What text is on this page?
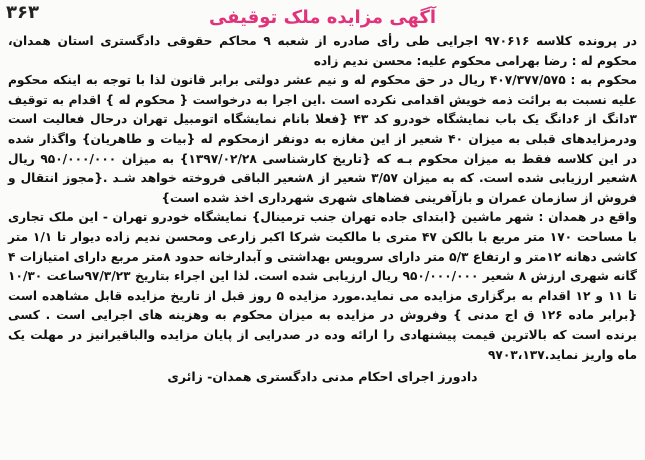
۳۶۳	آگهی مزایده ملک توقیفی

در پرونده کلاسه ۹۷۰۶۱۶ اجرایی طی رأی صادره از شعبه ۹ محاکم حقوقی دادگستری استان همدان، محکوم له : رضا بهرامی محکوم علیه: محسن ندیم زاده

محکوم به : ۴۰۷/۳۷۷/۵۷۵ ریال در حق محکوم له و نیم عشر دولتی برابر قانون لذا با توجه به اینکه محکوم علیه نسبت به برائت ذمه خویش اقدامی نکرده است .این اجرا به درخواست { محکوم له } اقدام به توقیف ۳دانگ از ۶دانگ یک باب نمایشگاه خودرو کد ۴۳ {فعلا بانام نمایشگاه اتومبیل تهران درحال فعالیت است ودرمزایدهای قبلی به میزان ۴۰ شعیر از این مغازه به دونفر ازمحکوم له {بیات و طاهریان} واگذار شده در این کلاسه فقط به میزان محکوم بـه که {تاریخ کارشناسی ۱۳۹۷/۰۲/۲۸} به میزان ۹۵۰/۰۰۰/۰۰۰ ریال ۸شعیر ارزیابی شده است. که به میزان ۳/۵۷ شعیر از ۸شعیر الباقی فروخته خواهد شـد .{مجوز انتقال و فروش از سازمان عمران و بازآفرینی فضاهای شهری شهرداری اخذ شده است}

واقع در همدان : شهر ماشین {ابتدای جاده تهران جنب ترمینال} نمایشگاه خودرو تهران - این ملک تجاری با مساحت ۱۷۰ متر مربع با بالکن ۴۷ متری با مالکیت شرکا اکبر زارعی ومحسن ندیم زاده دیوار تا ۱/۱ متر کاشی دهانه ۱۲متر و ارتفاع ۵/۳ متر دارای سرویس بهداشتی و آبدارخانه حدود ۸متر مربع دارای امتیازات ۴ گانه شهری ارزش ۸ شعیر ۹۵۰/۰۰۰/۰۰۰ ریال ارزیابی شده است. لذا این اجراء بتاریخ ۹۷/۳/۲۳ساعت ۱۰/۳۰ تا ۱۱ و ۱۲ اقدام به برگزاری مزایده می نماید.مورد مزایده ۵ روز قبل از تاریخ مزایده قابل مشاهده است {برابر ماده ۱۲۶ ق اج مدنی } وفروش در مزایده به میزان محکوم به وهزینه های اجرایی است . کسی برنده است که بالاترین قیمت پیشنهادی را ارائه وده در صدرایی از پایان مزایده والباقیرانیز در مهلت یک ماه واریز نماید.۹۷۰۳،۱۳۷

دادورز اجرای احکام مدنی دادگستری همدان- زائری
